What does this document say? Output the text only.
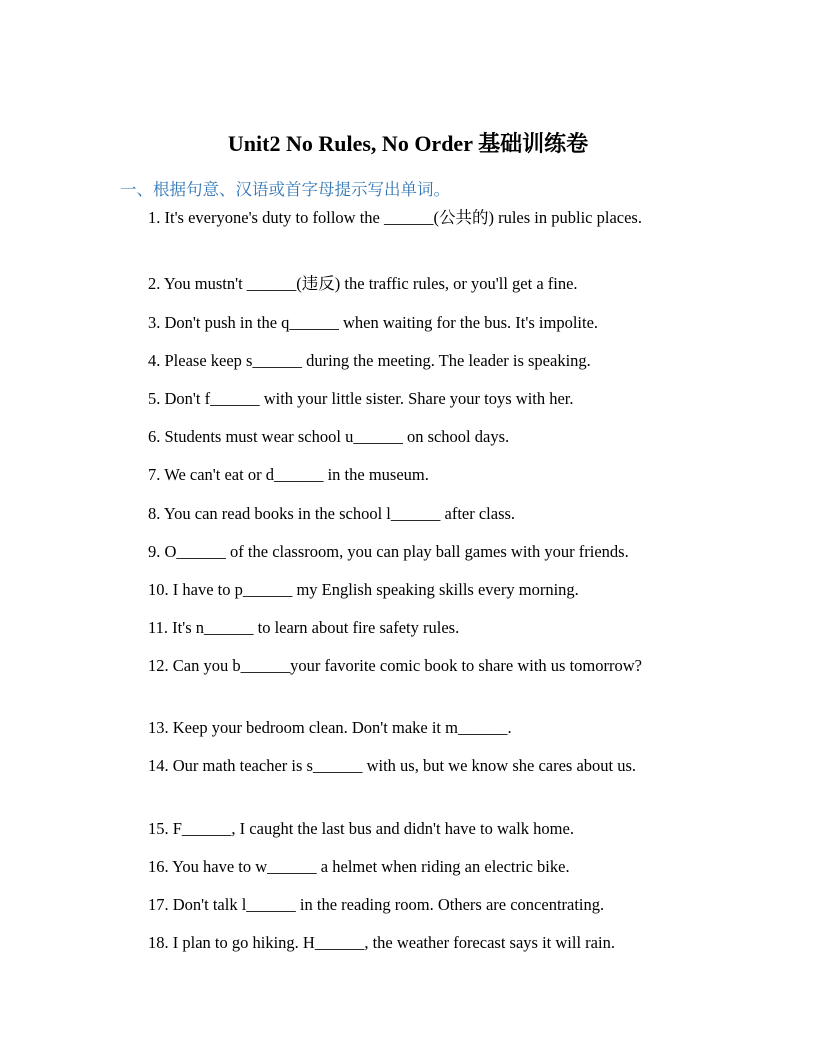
Unit2 No Rules, No Order 基础训练卷
一、根据句意、汉语或首字母提示写出单词。
1. It's everyone's duty to follow the ______(公共的) rules in public places.
2. You mustn't ______(违反) the traffic rules, or you'll get a fine.
3. Don't push in the q______ when waiting for the bus. It's impolite.
4. Please keep s______ during the meeting. The leader is speaking.
5. Don't f______ with your little sister. Share your toys with her.
6. Students must wear school u______ on school days.
7. We can't eat or d______ in the museum.
8. You can read books in the school l______ after class.
9. O______ of the classroom, you can play ball games with your friends.
10. I have to p______ my English speaking skills every morning.
11. It's n______ to learn about fire safety rules.
12. Can you b______your favorite comic book to share with us tomorrow?
13. Keep your bedroom clean. Don't make it m______.
14. Our math teacher is s______ with us, but we know she cares about us.
15. F______, I caught the last bus and didn't have to walk home.
16. You have to w______ a helmet when riding an electric bike.
17. Don't talk l______ in the reading room. Others are concentrating.
18. I plan to go hiking. H______, the weather forecast says it will rain.
